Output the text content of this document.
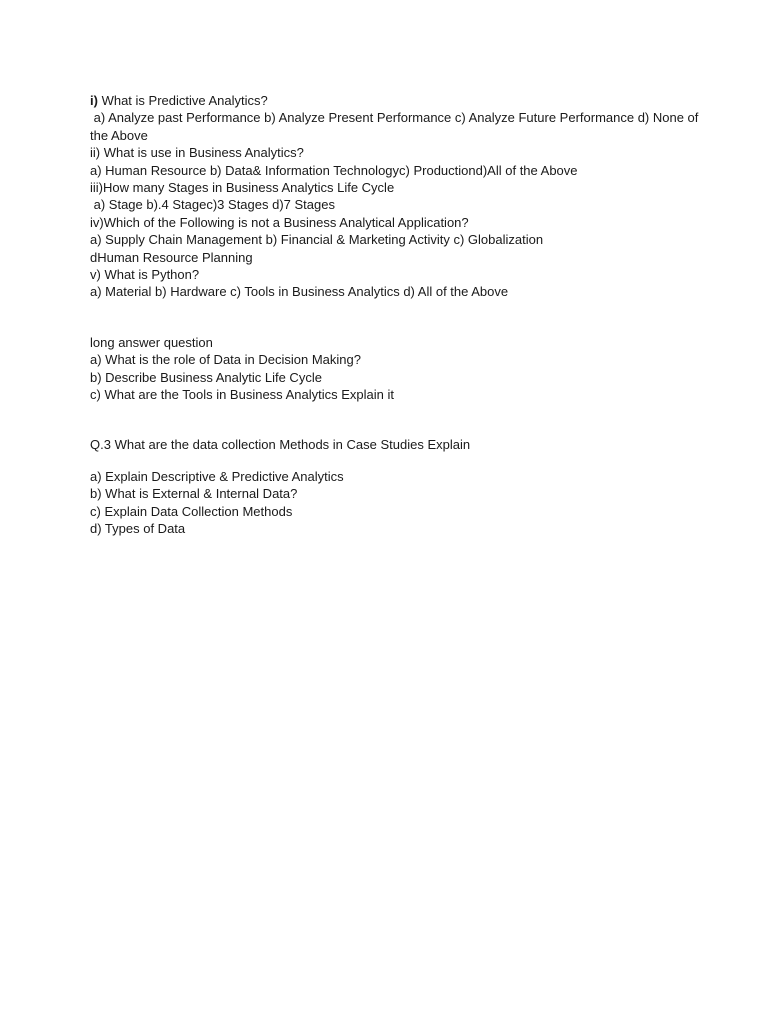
i) What is Predictive Analytics?
a) Analyze past Performance b) Analyze Present Performance c) Analyze Future Performance d) None of
the Above
ii) What is use in Business Analytics?
a) Human Resource b) Data& Information Technologyc) Productiond)All of the Above
iii)How many Stages in Business Analytics Life Cycle
a) Stage b).4 Stagec)3 Stages d)7 Stages
iv)Which of the Following is not a Business Analytical Application?
a) Supply Chain Management b) Financial & Marketing Activity c) Globalization
dHuman Resource Planning
v) What is Python?
a) Material b) Hardware c) Tools in Business Analytics d) All of the Above
long answer question
a) What is the role of Data in Decision Making?
b) Describe Business Analytic Life Cycle
c) What are the Tools in Business Analytics Explain it
Q.3 What are the data collection Methods in Case Studies Explain
a) Explain Descriptive & Predictive Analytics
b) What is External & Internal Data?
c) Explain Data Collection Methods
d) Types of Data
